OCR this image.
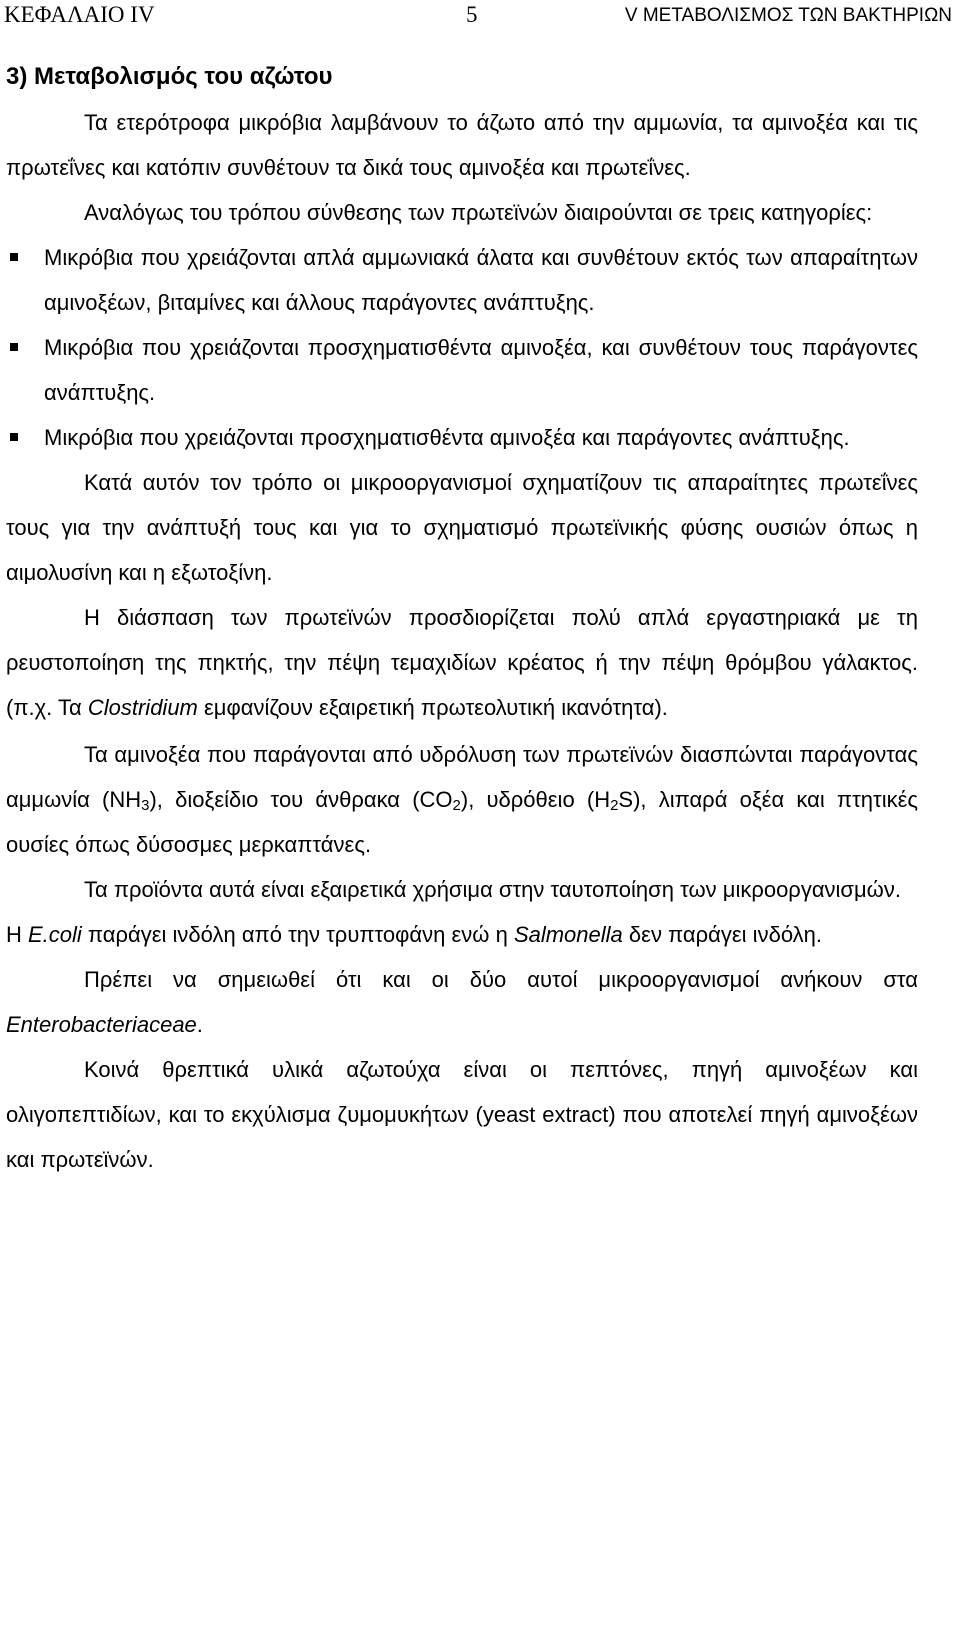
ΚΕΦΑΛΑΙΟ IV	5	V ΜΕΤΑΒΟΛΙΣΜΟΣ ΤΩΝ ΒΑΚΤΗΡΙΩΝ
3) Μεταβολισμός του αζώτου

Τα ετερότροφα μικρόβια λαμβάνουν το άζωτο από την αμμωνία, τα αμινοξέα και τις πρωτεΐνες και κατόπιν συνθέτουν τα δικά τους αμινοξέα και πρωτεΐνες.

Αναλόγως του τρόπου σύνθεσης των πρωτεϊνών διαιρούνται σε τρεις κατηγορίες:

Μικρόβια που χρειάζονται απλά αμμωνιακά άλατα και συνθέτουν εκτός των απαραίτητων αμινοξέων, βιταμίνες και άλλους παράγοντες ανάπτυξης.
Μικρόβια που χρειάζονται προσχηματισθέντα αμινοξέα, και συνθέτουν τους παράγοντες ανάπτυξης.
Μικρόβια που χρειάζονται προσχηματισθέντα αμινοξέα και παράγοντες ανάπτυξης.

Κατά αυτόν τον τρόπο οι μικροοργανισμοί σχηματίζουν τις απαραίτητες πρωτεΐνες τους για την ανάπτυξή τους και για το σχηματισμό πρωτεϊνικής φύσης ουσιών όπως η αιμολυσίνη και η εξωτοξίνη.

Η διάσπαση των πρωτεϊνών προσδιορίζεται πολύ απλά εργαστηριακά με τη ρευστοποίηση της πηκτής, την πέψη τεμαχιδίων κρέατος ή την πέψη θρόμβου γάλακτος. (π.χ. Τα Clostridium εμφανίζουν εξαιρετική πρωτεολυτική ικανότητα).

Τα αμινοξέα που παράγονται από υδρόλυση των πρωτεϊνών διασπώνται παράγοντας αμμωνία $(NH_3)$, διοξείδιο του άνθρακα $(CO_2)$, υδρόθειο $(H_2S)$, λιπαρά οξέα και πτητικές ουσίες όπως δύσοσμες μερκαπτάνες.

Τα προϊόντα αυτά είναι εξαιρετικά χρήσιμα στην ταυτοποίηση των μικροοργανισμών.

Η E.coli παράγει ινδόλη από την τρυπτοφάνη ενώ η Salmonella δεν παράγει ινδόλη.

Πρέπει να σημειωθεί ότι και οι δύο αυτοί μικροοργανισμοί ανήκουν στα Enterobacteriaceae.

Κοινά θρεπτικά υλικά αζωτούχα είναι οι πεπτόνες, πηγή αμινοξέων και ολιγοπεπτιδίων, και το εκχύλισμα ζυμομυκήτων (yeast extract) που αποτελεί πηγή αμινοξέων και πρωτεϊνών.
